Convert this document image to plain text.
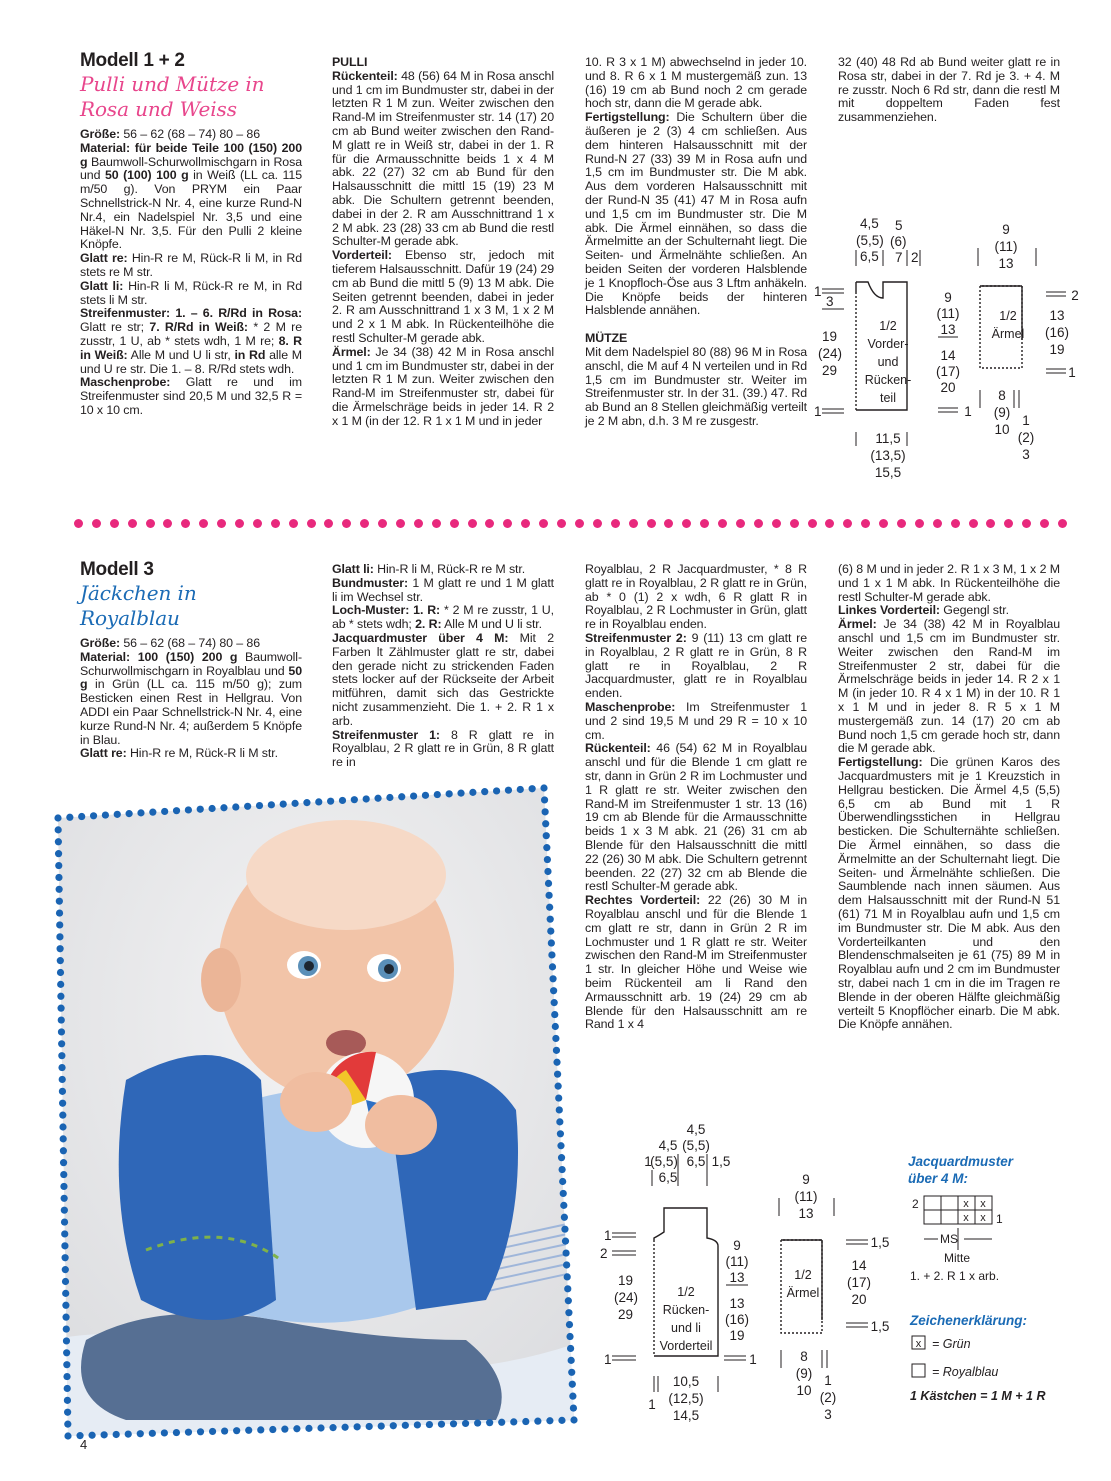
Modell 1 + 2
Pulli und Mütze in
Rosa und Weiss

Größe: 56 – 62 (68 – 74) 80 – 86

Material: für beide Teile 100 (150) 200 g Baumwoll-Schurwollmischgarn in Rosa und 50 (100) 100 g in Weiß (LL ca. 115 m/50 g). Von PRYM ein Paar Schnellstrick-N Nr. 4, eine kurze Rund-N Nr.4, ein Nadelspiel Nr. 3,5 und eine Häkel-N Nr. 3,5. Für den Pulli 2 kleine Knöpfe.

Glatt re: Hin-R re M, Rück-R li M, in Rd stets re M str.

Glatt li: Hin-R li M, Rück-R re M, in Rd stets li M str.

Streifenmuster: 1. – 6. R/Rd in Rosa: Glatt re str; 7. R/Rd in Weiß: * 2 M re zusstr, 1 U, ab * stets wdh, 1 M re; 8. R in Weiß: Alle M und U li str, in Rd alle M und U re str. Die 1. – 8. R/Rd stets wdh.

Maschenprobe: Glatt re und im Streifenmuster sind 20,5 M und 32,5 R = 10 x 10 cm.

PULLI

Rückenteil: 48 (56) 64 M in Rosa anschl und 1 cm im Bundmuster str, dabei in der letzten R 1 M zun. Weiter zwischen den Rand-M im Streifenmuster str. 14 (17) 20 cm ab Bund weiter zwischen den Rand-M glatt re in Weiß str, dabei in der 1. R für die Armausschnitte beids 1 x 4 M abk. 22 (27) 32 cm ab Bund für den Halsausschnitt die mittl 15 (19) 23 M abk. Die Schultern getrennt beenden, dabei in der 2. R am Ausschnittrand 1 x 2 M abk. 23 (28) 33 cm ab Bund die restl Schulter-M gerade abk.

Vorderteil: Ebenso str, jedoch mit tieferem Halsausschnitt. Dafür 19 (24) 29 cm ab Bund die mittl 5 (9) 13 M abk. Die Seiten getrennt beenden, dabei in jeder 2. R am Ausschnittrand 1 x 3 M, 1 x 2 M und 2 x 1 M abk. In Rückenteilhöhe die restl Schulter-M gerade abk.

Ärmel: Je 34 (38) 42 M in Rosa anschl und 1 cm im Bundmuster str, dabei in der letzten R 1 M zun. Weiter zwischen den Rand-M im Streifenmuster str, dabei für die Ärmelschräge beids in jeder 14. R 2 x 1 M (in der 12. R 1 x 1 M und in jeder

10. R 3 x 1 M) abwechselnd in jeder 10. und 8. R 6 x 1 M mustergemäß zun. 13 (16) 19 cm ab Bund noch 2 cm gerade hoch str, dann die M gerade abk.

Fertigstellung: Die Schultern über die äußeren je 2 (3) 4 cm schließen. Aus dem hinteren Halsausschnitt mit der Rund-N 27 (33) 39 M in Rosa aufn und 1,5 cm im Bundmuster str. Die M abk. Aus dem vorderen Halsausschnitt mit der Rund-N 35 (41) 47 M in Rosa aufn und 1,5 cm im Bundmuster str. Die M abk. Die Ärmel einnähen, so dass die Ärmelmitte an der Schulternaht liegt. Die Seiten- und Ärmelnähte schließen. An beiden Seiten der vorderen Halsblende je 1 Knopfloch-Öse aus 3 Lftm anhäkeln. Die Knöpfe beids der hinteren Halsblende annähen.

MÜTZE

Mit dem Nadelspiel 80 (88) 96 M in Rosa anschl, die M auf 4 N verteilen und in Rd 1,5 cm im Bundmuster str. Weiter im Streifenmuster str. In der 31. (39.) 47. Rd ab Bund an 8 Stellen gleichmäßig verteilt je 2 M abn, d.h. 3 M re zusgestr.

32 (40) 48 Rd ab Bund weiter glatt re in Rosa str, dabei in der 7. Rd je 3. + 4. M re zusstr. Noch 6 Rd str, dann die restl M mit doppeltem Faden fest zusammenziehen.

4,5
(5,5)
6,5
5
(6)
7 2
1/2
Vorder-
und
Rücken-
teil
1
3
19
(24)
29
1
11,5
(13,5)
15,5
9
(11)
13
14
(17)
20
1
9
(11)
13
1/2
Ärmel
2
13
(16)
19
1
8
(9)
10
1
(2)
3
Modell 3
Jäckchen in
Royalblau

Größe: 56 – 62 (68 – 74) 80 – 86

Material: 100 (150) 200 g Baumwoll-Schurwollmischgarn in Royalblau und 50 g in Grün (LL ca. 115 m/50 g); zum Besticken einen Rest in Hellgrau. Von ADDI ein Paar Schnellstrick-N Nr. 4, eine kurze Rund-N Nr. 4; außerdem 5 Knöpfe in Blau.

Glatt re: Hin-R re M, Rück-R li M str.

Glatt li: Hin-R li M, Rück-R re M str.

Bundmuster: 1 M glatt re und 1 M glatt li im Wechsel str.

Loch-Muster: 1. R: * 2 M re zusstr, 1 U, ab * stets wdh; 2. R: Alle M und U li str.

Jacquardmuster über 4 M: Mit 2 Farben lt Zählmuster glatt re str, dabei den gerade nicht zu strickenden Faden stets locker auf der Rückseite der Arbeit mitführen, damit sich das Gestrickte nicht zusammenzieht. Die 1. + 2. R 1 x arb.

Streifenmuster 1: 8 R glatt re in Royalblau, 2 R glatt re in Grün, 8 R glatt re in

Royalblau, 2 R Jacquardmuster, * 8 R glatt re in Royalblau, 2 R glatt re in Grün, ab * 0 (1) 2 x wdh, 6 R glatt R in Royalblau, 2 R Lochmuster in Grün, glatt re in Royalblau enden.

Streifenmuster 2: 9 (11) 13 cm glatt re in Royalblau, 2 R glatt re in Grün, 8 R glatt re in Royalblau, 2 R Jacquardmuster, glatt re in Royalblau enden.

Maschenprobe: Im Streifenmuster 1 und 2 sind 19,5 M und 29 R = 10 x 10 cm.

Rückenteil: 46 (54) 62 M in Royalblau anschl und für die Blende 1 cm glatt re str, dann in Grün 2 R im Lochmuster und 1 R glatt re str. Weiter zwischen den Rand-M im Streifenmuster 1 str. 13 (16) 19 cm ab Blende für die Armausschnitte beids 1 x 3 M abk. 21 (26) 31 cm ab Blende für den Halsausschnitt die mittl 22 (26) 30 M abk. Die Schultern getrennt beenden. 22 (27) 32 cm ab Blende die restl Schulter-M gerade abk.

Rechtes Vorderteil: 22 (26) 30 M in Royalblau anschl und für die Blende 1 cm glatt re str, dann in Grün 2 R im Lochmuster und 1 R glatt re str. Weiter zwischen den Rand-M im Streifenmuster 1 str. In gleicher Höhe und Weise wie beim Rückenteil am li Rand den Armausschnitt arb. 19 (24) 29 cm ab Blende für den Halsausschnitt am re Rand 1 x 4

(6) 8 M und in jeder 2. R 1 x 3 M, 1 x 2 M und 1 x 1 M abk. In Rückenteilhöhe die restl Schulter-M gerade abk.

Linkes Vorderteil: Gegengl str.

Ärmel: Je 34 (38) 42 M in Royalblau anschl und 1,5 cm im Bundmuster str. Weiter zwischen den Rand-M im Streifenmuster 2 str, dabei für die Ärmelschräge beids in jeder 14. R 2 x 1 M (in jeder 10. R 4 x 1 M) in der 10. R 1 x 1 M und in jeder 8. R 5 x 1 M mustergemäß zun. 14 (17) 20 cm ab Bund noch 1,5 cm gerade hoch str, dann die M gerade abk.

Fertigstellung: Die grünen Karos des Jacquardmusters mit je 1 Kreuzstich in Hellgrau besticken. Die Ärmel 4,5 (5,5) 6,5 cm ab Bund mit 1 R Überwendlingsstichen in Hellgrau besticken. Die Schulternähte schließen. Die Ärmel einnähen, so dass die Ärmelmitte an der Schulternaht liegt. Die Seiten- und Ärmelnähte schließen. Die Saumblende nach innen säumen. Aus dem Halsausschnitt mit der Rund-N 51 (61) 71 M in Royalblau aufn und 1,5 cm im Bundmuster str. Die M abk. Aus den Vorderteilkanten und den Blendenschmalseiten je 61 (75) 89 M in Royalblau aufn und 2 cm im Bundmuster str, dabei nach 1 cm in die im Tragen re Blende in der oberen Hälfte gleichmäßig verteilt 5 Knopflöcher einarb. Die M abk. Die Knöpfe annähen.

4,5
(5,5)
6,5
4,5
(5,5)
6,5
1	1,5
1/2
Rücken-
und li
Vorderteil
1
2
19
(24)
29
1
9
(11)
13
13
(16)
19
1
10,5
(12,5)
14,5
1
9
(11)
13
1/2
Ärmel
1,5
14
(17)
20
1,5
8
(9)
10
1
(2)
3
Jacquardmuster
über 4 M:
Zeichenerklärung:
x x
x x
2
1
MS
Mitte
1. + 2. R 1 x arb.
x = Grün
= Royalblau
1 Kästchen = 1 M + 1 R
4
